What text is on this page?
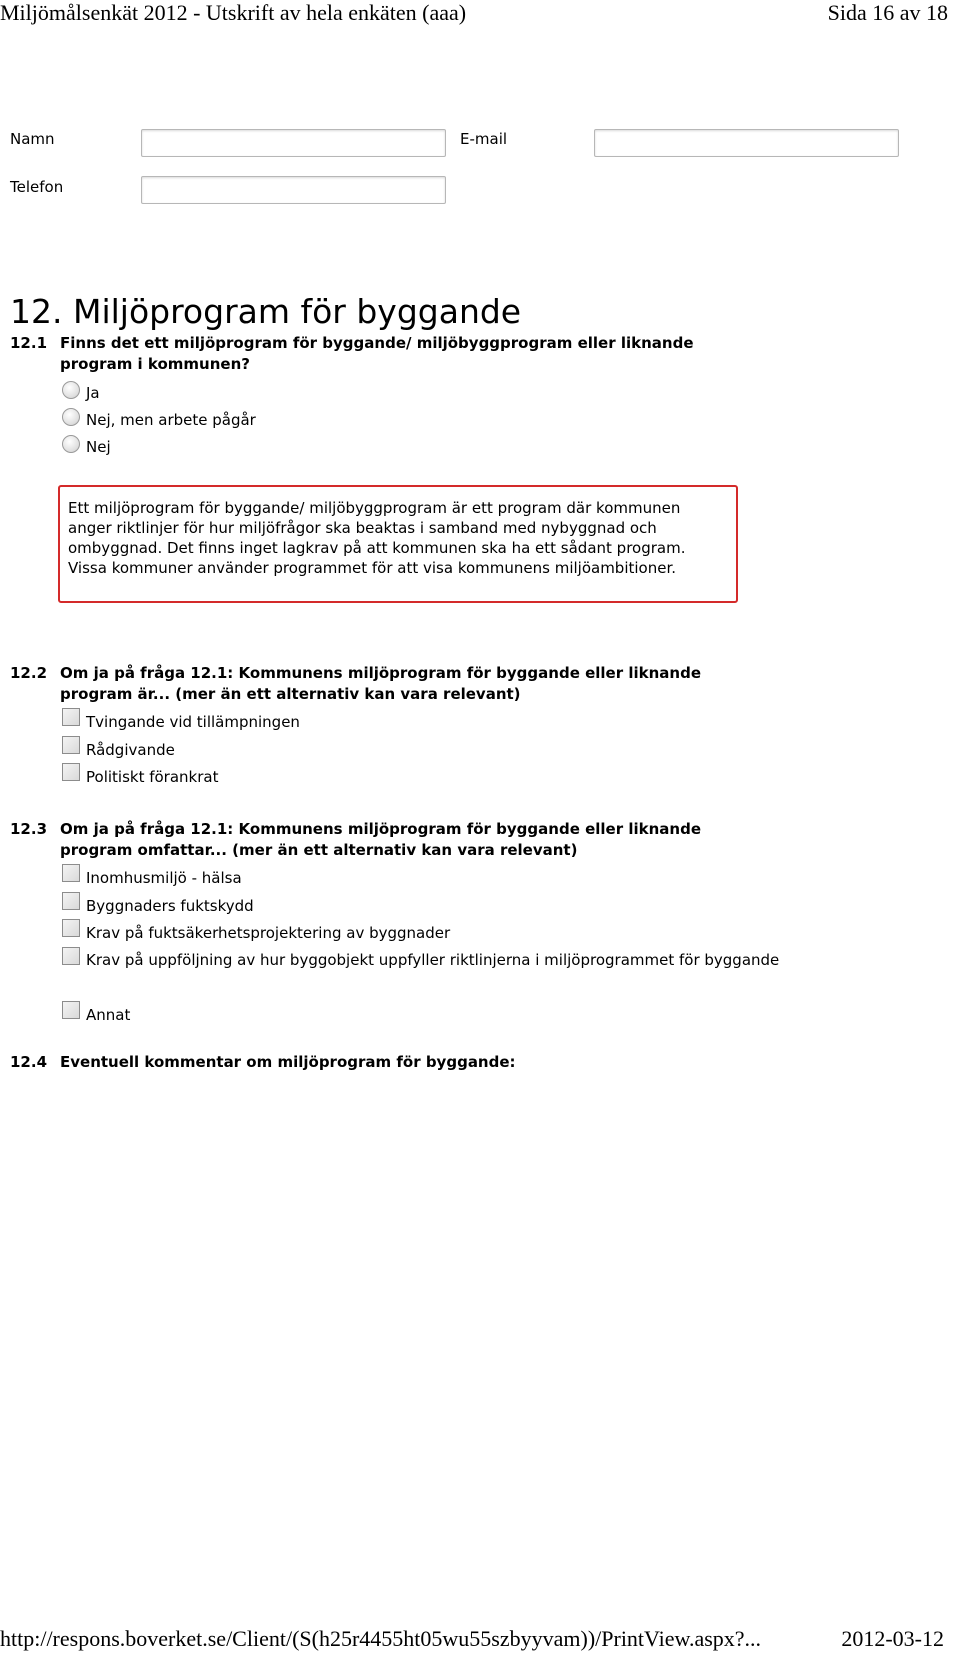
Miljömålsenkät 2012 - Utskrift av hela enkäten (aaa)	Sida 16 av 18
Namn	E-mail
Telefon
12. Miljöprogram för byggande
12.1 Finns det ett miljöprogram för byggande/ miljöbyggprogram eller liknande program i kommunen?
Ja
Nej, men arbete pågår
Nej
Ett miljöprogram för byggande/ miljöbyggprogram är ett program där kommunen anger riktlinjer för hur miljöfrågor ska beaktas i samband med nybyggnad och ombyggnad. Det finns inget lagkrav på att kommunen ska ha ett sådant program. Vissa kommuner använder programmet för att visa kommunens miljöambitioner.
12.2 Om ja på fråga 12.1: Kommunens miljöprogram för byggande eller liknande program är... (mer än ett alternativ kan vara relevant)
Tvingande vid tillämpningen
Rådgivande
Politiskt förankrat
12.3 Om ja på fråga 12.1: Kommunens miljöprogram för byggande eller liknande program omfattar... (mer än ett alternativ kan vara relevant)
Inomhusmiljö - hälsa
Byggnaders fuktskydd
Krav på fuktsäkerhetsprojektering av byggnader
Krav på uppföljning av hur byggobjekt uppfyller riktlinjerna i miljöprogrammet för byggande
Annat
12.4 Eventuell kommentar om miljöprogram för byggande:
http://respons.boverket.se/Client/(S(h25r4455ht05wu55szbyyvam))/PrintView.aspx?...	2012-03-12
